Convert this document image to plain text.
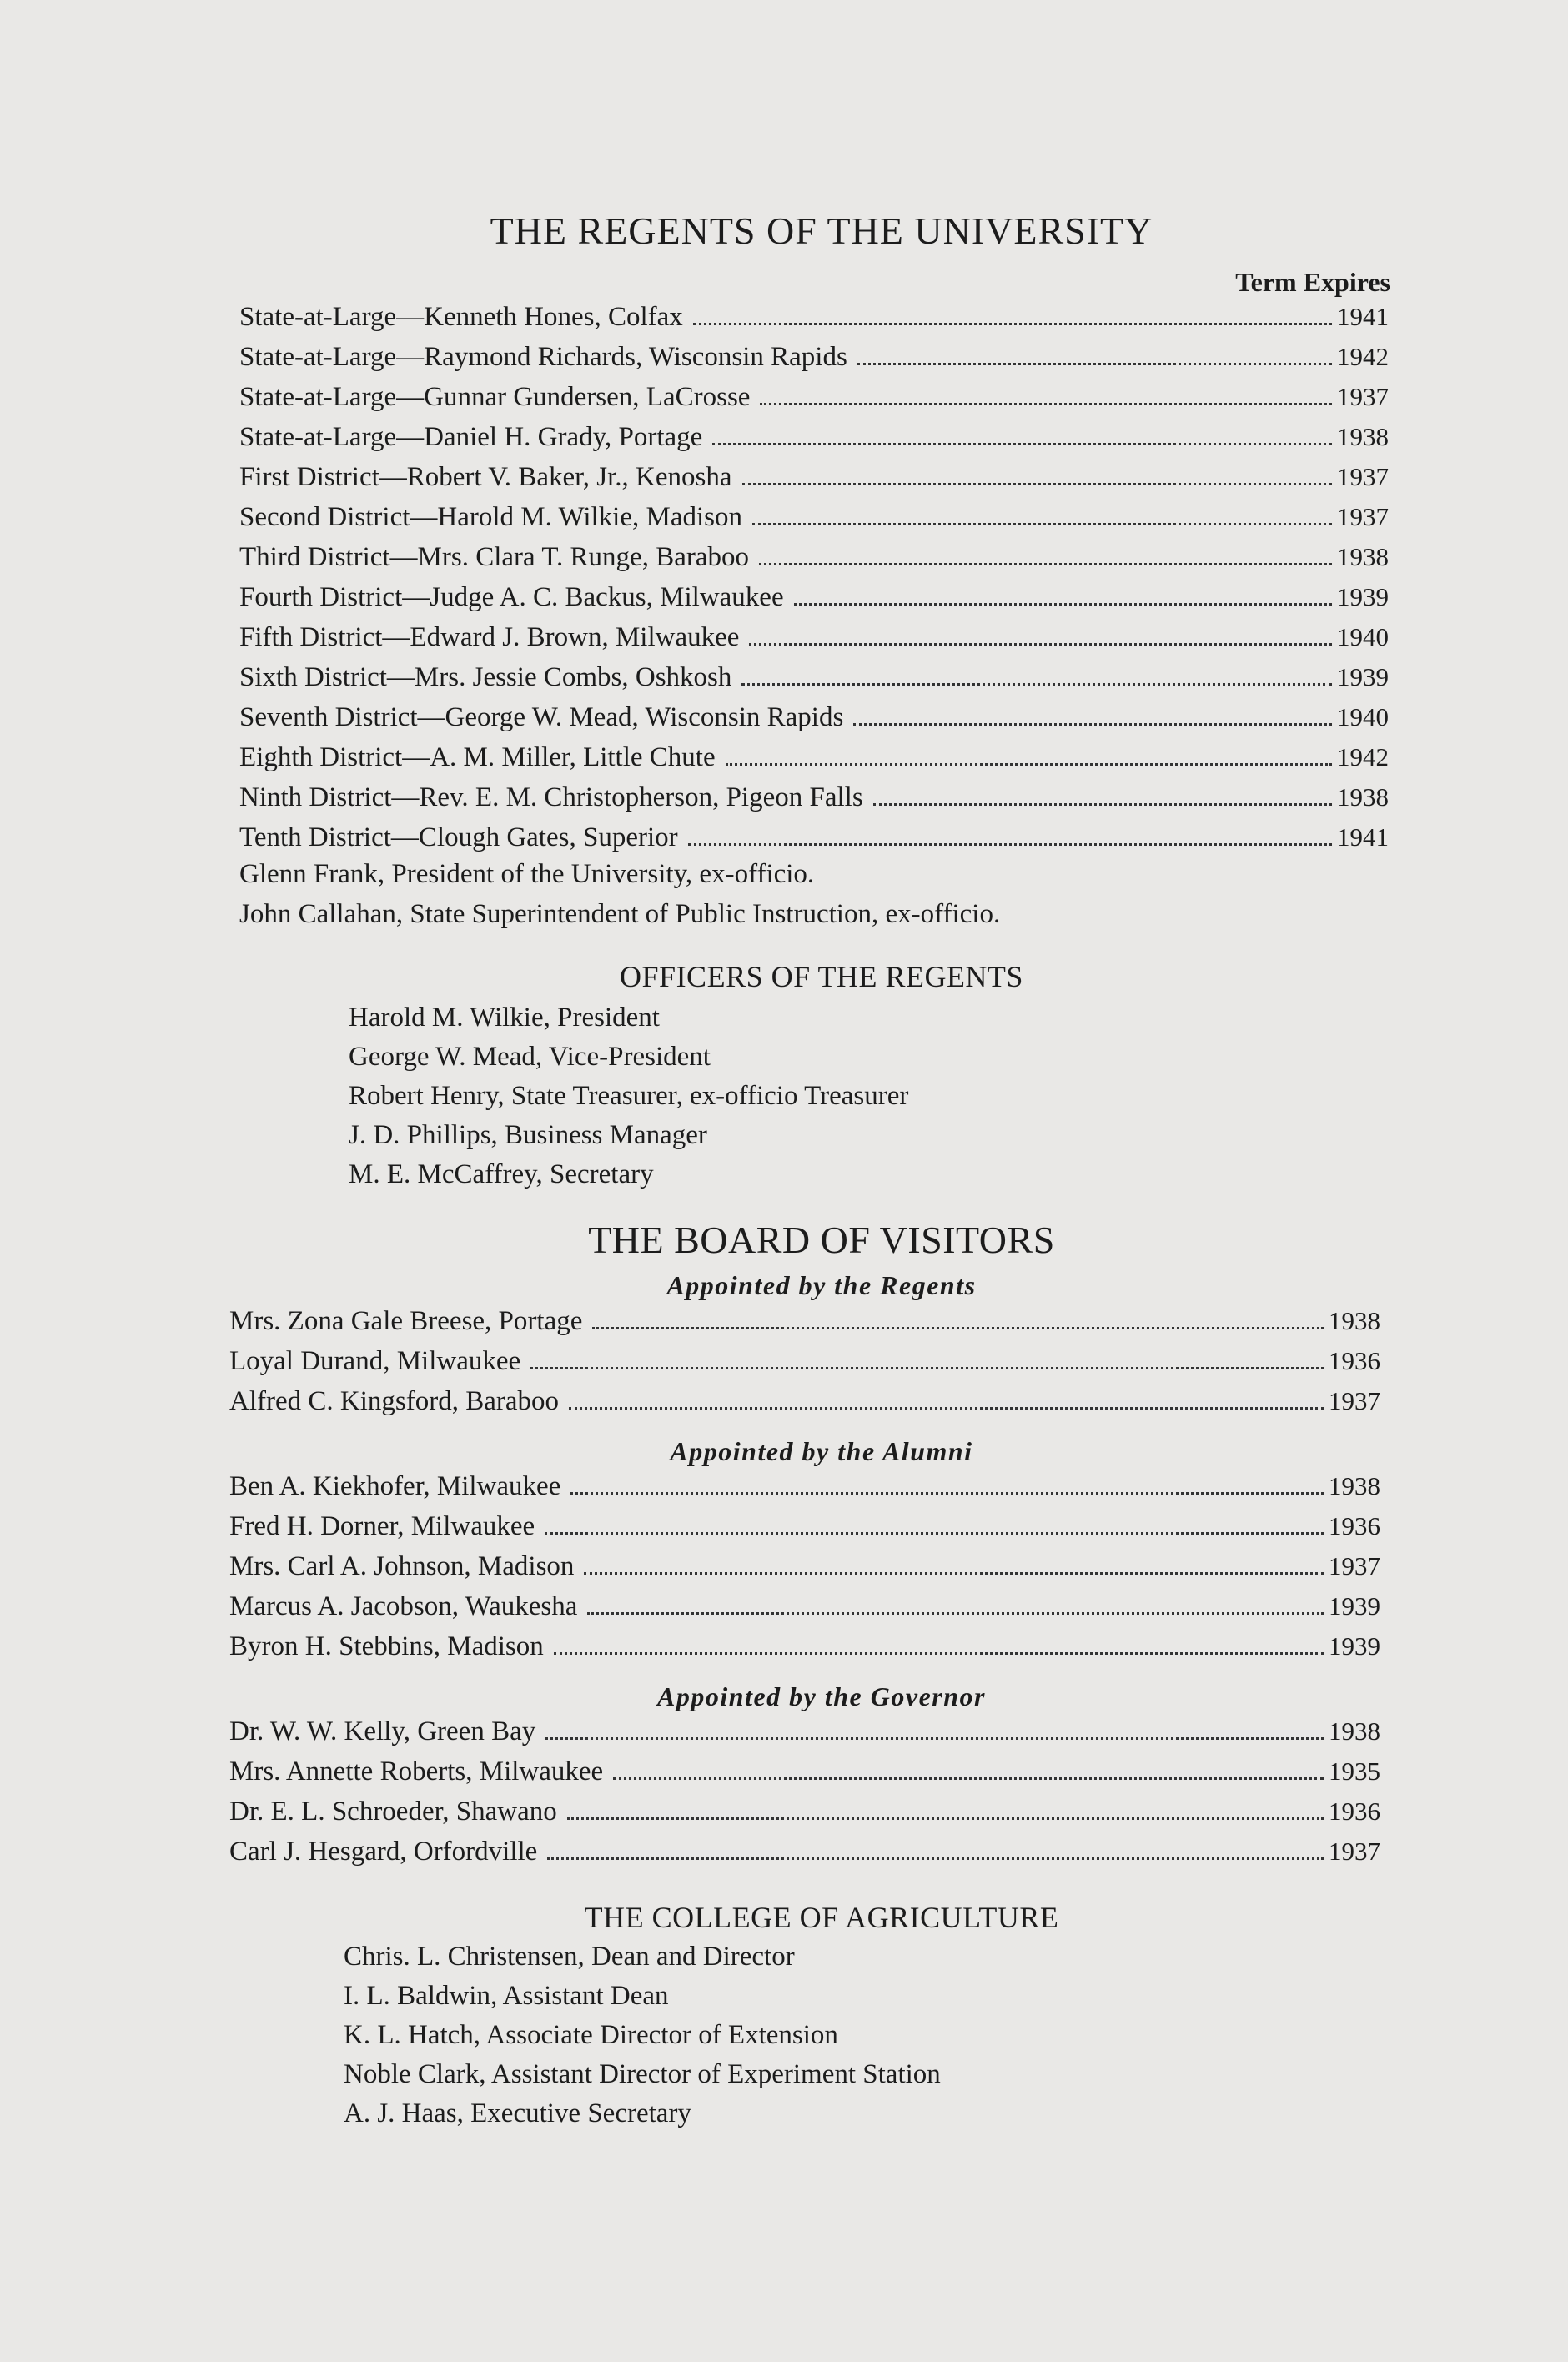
THE REGENTS OF THE UNIVERSITY
Term Expires
State-at-Large—Kenneth Hones, Colfax	1941
State-at-Large—Raymond Richards, Wisconsin Rapids	1942
State-at-Large—Gunnar Gundersen, LaCrosse	1937
State-at-Large—Daniel H. Grady, Portage	1938
First District—Robert V. Baker, Jr., Kenosha	1937
Second District—Harold M. Wilkie, Madison	1937
Third District—Mrs. Clara T. Runge, Baraboo	1938
Fourth District—Judge A. C. Backus, Milwaukee	1939
Fifth District—Edward J. Brown, Milwaukee	1940
Sixth District—Mrs. Jessie Combs, Oshkosh	1939
Seventh District—George W. Mead, Wisconsin Rapids	1940
Eighth District—A. M. Miller, Little Chute	1942
Ninth District—Rev. E. M. Christopherson, Pigeon Falls	1938
Tenth District—Clough Gates, Superior	1941
Glenn Frank, President of the University, ex-officio.
John Callahan, State Superintendent of Public Instruction, ex-officio.
OFFICERS OF THE REGENTS
Harold M. Wilkie, President
George W. Mead, Vice-President
Robert Henry, State Treasurer, ex-officio Treasurer
J. D. Phillips, Business Manager
M. E. McCaffrey, Secretary
THE BOARD OF VISITORS
Appointed by the Regents
Mrs. Zona Gale Breese, Portage	1938
Loyal Durand, Milwaukee	1936
Alfred C. Kingsford, Baraboo	1937
Appointed by the Alumni
Ben A. Kiekhofer, Milwaukee	1938
Fred H. Dorner, Milwaukee	1936
Mrs. Carl A. Johnson, Madison	1937
Marcus A. Jacobson, Waukesha	1939
Byron H. Stebbins, Madison	1939
Appointed by the Governor
Dr. W. W. Kelly, Green Bay	1938
Mrs. Annette Roberts, Milwaukee	1935
Dr. E. L. Schroeder, Shawano	1936
Carl J. Hesgard, Orfordville	1937
THE COLLEGE OF AGRICULTURE
Chris. L. Christensen, Dean and Director
I. L. Baldwin, Assistant Dean
K. L. Hatch, Associate Director of Extension
Noble Clark, Assistant Director of Experiment Station
A. J. Haas, Executive Secretary
